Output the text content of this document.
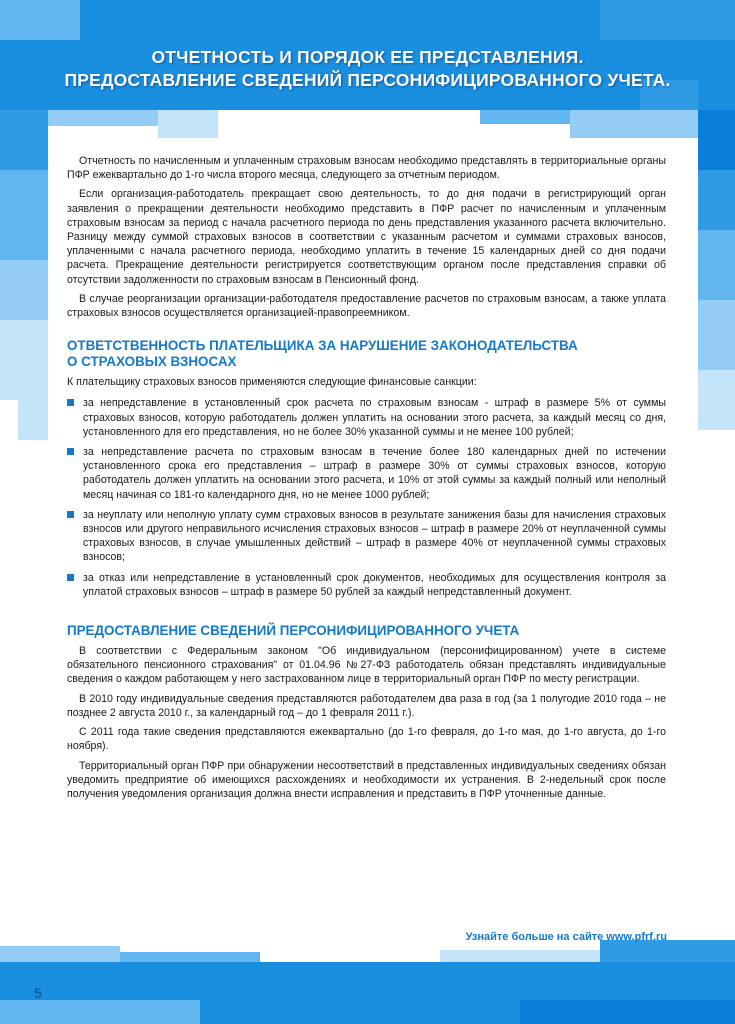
ОТЧЕТНОСТЬ И ПОРЯДОК ЕЕ ПРЕДСТАВЛЕНИЯ.
ПРЕДОСТАВЛЕНИЕ СВЕДЕНИЙ ПЕРСОНИФИЦИРОВАННОГО УЧЕТА.

Отчетность по начисленным и уплаченным страховым взносам необходимо представлять в территориальные органы ПФР ежеквартально до 1-го числа второго месяца, следующего за отчетным периодом.

Если организация-работодатель прекращает свою деятельность, то до дня подачи в регистрирующий орган заявления о прекращении деятельности необходимо представить в ПФР расчет по начисленным и уплаченным страховым взносам за период с начала расчетного периода по день представления указанного расчета включительно. Разницу между суммой страховых взносов в соответствии с указанным расчетом и суммами страховых взносов, уплаченными с начала расчетного периода, необходимо уплатить в течение 15 календарных дней со дня подачи расчета. Прекращение деятельности регистрируется соответствующим органом после представления справки об отсутствии задолженности по страховым взносам в Пенсионный фонд.

В случае реорганизации организации-работодателя предоставление расчетов по страховым взносам, а также уплата страховых взносов осуществляется организацией-правопреемником.

ОТВЕТСТВЕННОСТЬ ПЛАТЕЛЬЩИКА ЗА НАРУШЕНИЕ ЗАКОНОДАТЕЛЬСТВА
О СТРАХОВЫХ ВЗНОСАХ

К плательщику страховых взносов применяются следующие финансовые санкции:

за непредставление в установленный срок расчета по страховым взносам - штраф в размере 5% от суммы страховых взносов, которую работодатель должен уплатить на основании этого расчета, за каждый месяц со дня, установленного для его представления, но не более 30% указанной суммы и не менее 100 рублей;
за непредставление расчета по страховым взносам в течение более 180 календарных дней по истечении установленного срока его представления – штраф в размере 30% от суммы страховых взносов, которую работодатель должен уплатить на основании этого расчета, и 10% от этой суммы за каждый полный или неполный месяц начиная со 181-го календарного дня, но не менее 1000 рублей;
за неуплату или неполную уплату сумм страховых взносов в результате занижения базы для начисления страховых взносов или другого неправильного исчисления страховых взносов – штраф в размере 20% от неуплаченной суммы страховых взносов, в случае умышленных действий – штраф в размере 40% от неуплаченной суммы страховых взносов;
за отказ или непредставление в установленный срок документов, необходимых для осуществления контроля за уплатой страховых взносов – штраф в размере 50 рублей за каждый непредставленный документ.
ПРЕДОСТАВЛЕНИЕ СВЕДЕНИЙ ПЕРСОНИФИЦИРОВАННОГО УЧЕТА

В соответствии с Федеральным законом "Об индивидуальном (персонифицированном) учете в системе обязательного пенсионного страхования" от 01.04.96 №27-ФЗ работодатель обязан представлять индивидуальные сведения о каждом работающем у него застрахованном лице в территориальный орган ПФР по месту регистрации.

В 2010 году индивидуальные сведения представляются работодателем два раза в год (за 1 полугодие 2010 года – не позднее 2 августа 2010 г., за календарный год – до 1 февраля 2011 г.).

С 2011 года такие сведения представляются ежеквартально (до 1-го февраля, до 1-го мая, до 1-го августа, до 1-го ноября).

Территориальный орган ПФР при обнаружении несоответствий в представленных индивидуальных сведениях обязан уведомить предприятие об имеющихся расхождениях и необходимости их устранения. В 2-недельный срок после получения уведомления организация должна внести исправления и представить в ПФР уточненные данные.

Узнайте больше на сайте www.pfrf.ru
5
